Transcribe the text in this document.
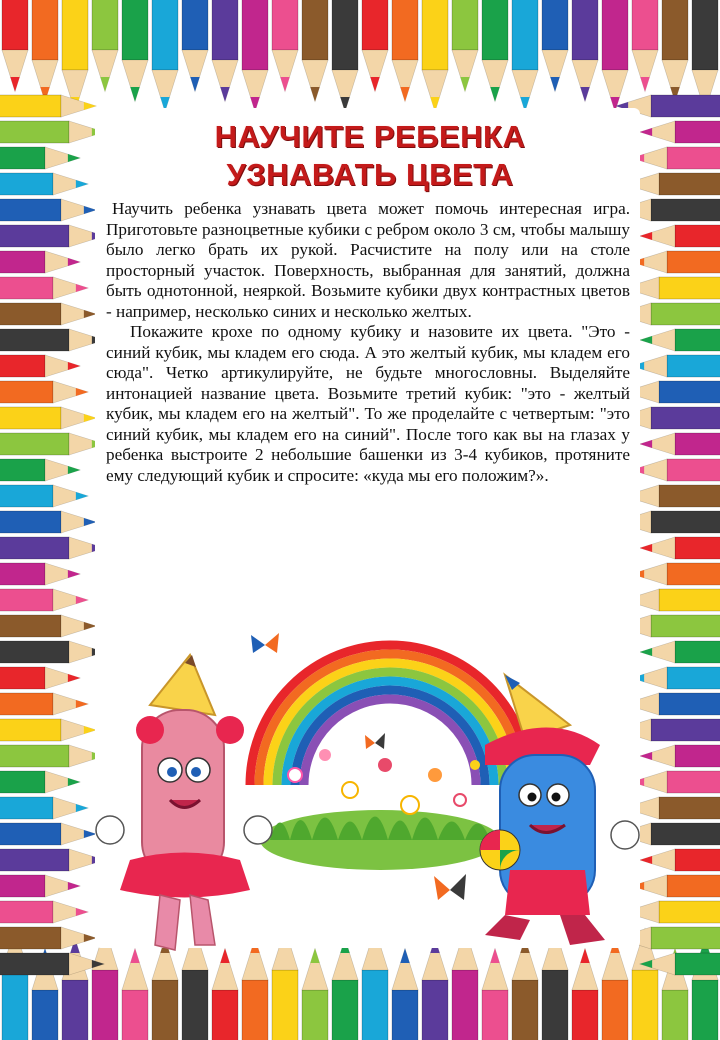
НАУЧИТЕ РЕБЕНКА
УЗНАВАТЬ ЦВЕТА

Научить ребенка узнавать цвета может помочь интересная игра. Приготовьте разноцветные кубики с ребром около 3 см, чтобы малышу было легко брать их рукой. Расчистите на полу или на столе просторный участок. Поверхность, выбранная для занятий, должна быть однотонной, неяркой. Возьмите кубики двух контрастных цветов - например, несколько синих и несколько желтых.

Покажите крохе по одному кубику и назовите их цвета. "Это - синий кубик, мы кладем его сюда. А это желтый кубик, мы кладем его сюда". Четко артикулируйте, не будьте многословны. Выделяйте интонацией название цвета. Возьмите третий кубик: "это - желтый кубик, мы кладем его на желтый". То же проделайте с четвертым: "это синий кубик, мы кладем его на синий". После того как вы на глазах у ребенка выстроите 2 небольшие башенки из 3-4 кубиков, протяните ему следующий кубик и спросите: «куда мы его положим?».
